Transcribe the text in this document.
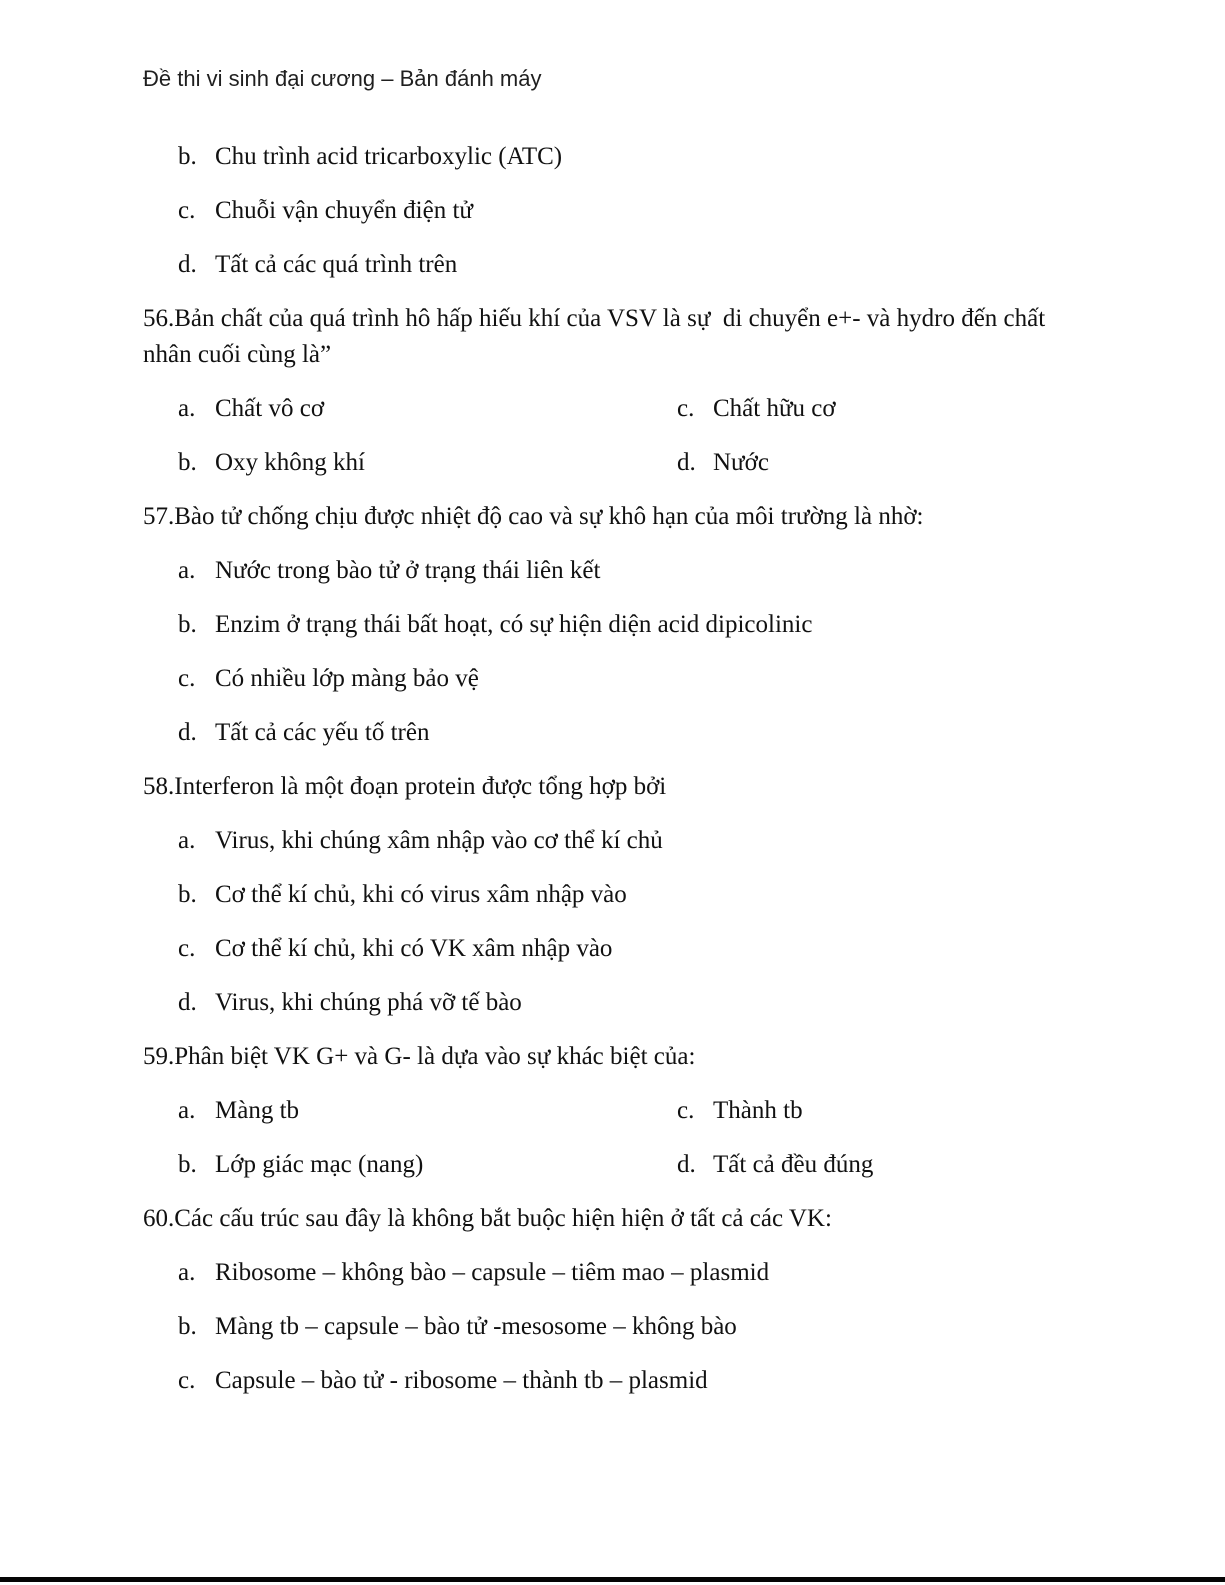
Đề thi vi sinh đại cương – Bản đánh máy
b. Chu trình acid tricarboxylic (ATC)
c. Chuỗi vận chuyển điện tử
d. Tất cả các quá trình trên
56.Bản chất của quá trình hô hấp hiếu khí của VSV là sự  di chuyển e+- và hydro đến chất nhân cuối cùng là”
a. Chất vô cơ	c. Chất hữu cơ
b. Oxy không khí	d. Nước
57.Bào tử chống chịu được nhiệt độ cao và sự khô hạn của môi trường là nhờ:
a. Nước trong bào tử ở trạng thái liên kết
b. Enzim ở trạng thái bất hoạt, có sự hiện diện acid dipicolinic
c. Có nhiều lớp màng bảo vệ
d. Tất cả các yếu tố trên
58.Interferon là một đoạn protein được tổng hợp bởi
a. Virus, khi chúng xâm nhập vào cơ thể kí chủ
b. Cơ thể kí chủ, khi có virus xâm nhập vào
c. Cơ thể kí chủ, khi có VK xâm nhập vào
d. Virus, khi chúng phá vỡ tế bào
59.Phân biệt VK G+ và G- là dựa vào sự khác biệt của:
a. Màng tb	c. Thành tb
b. Lớp giác mạc (nang)	d. Tất cả đều đúng
60.Các cấu trúc sau đây là không bắt buộc hiện hiện ở tất cả các VK:
a. Ribosome – không bào – capsule – tiêm mao – plasmid
b. Màng tb – capsule – bào tử -mesosome – không bào
c. Capsule – bào tử - ribosome – thành tb – plasmid
